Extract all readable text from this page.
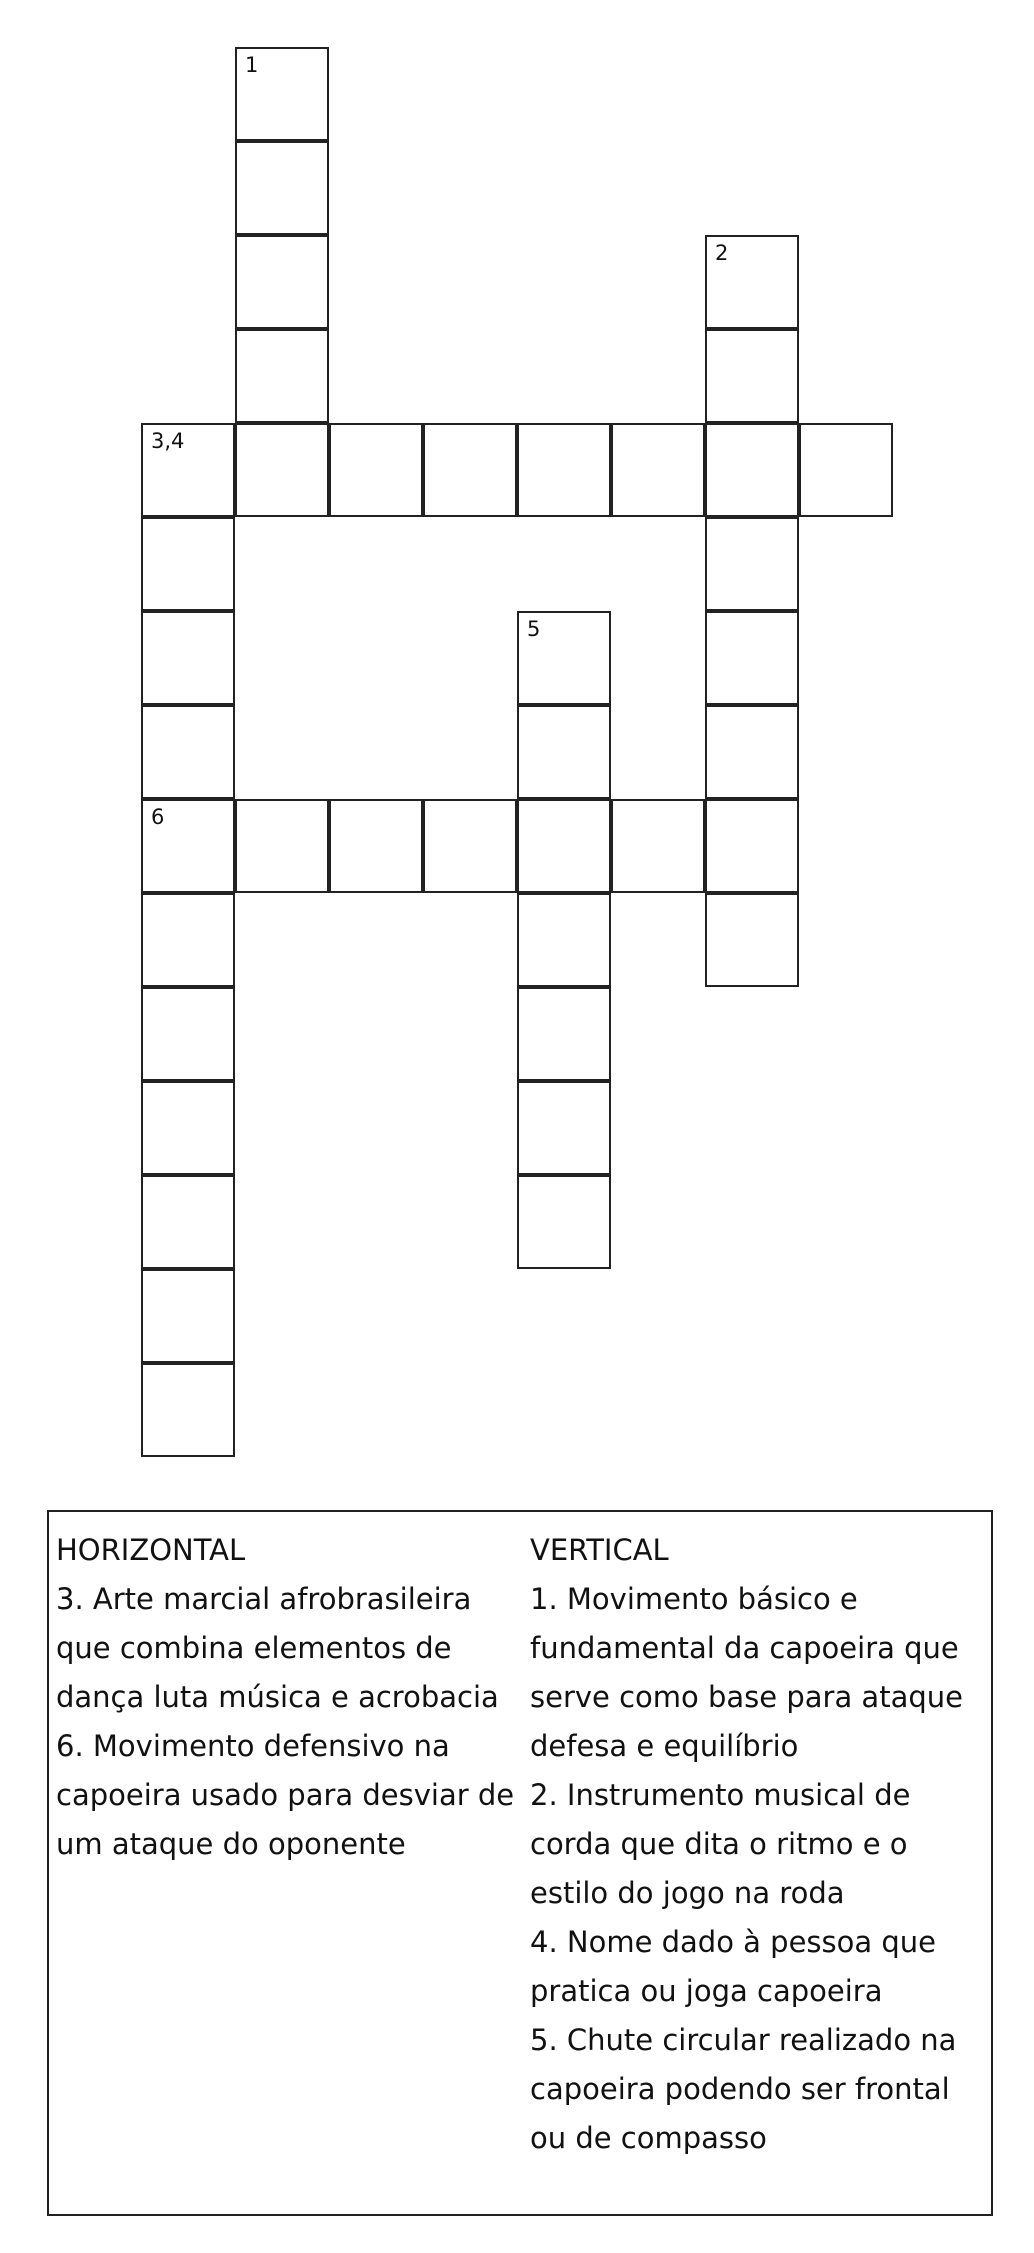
1
2
3,4
5
6

HORIZONTAL

3. Arte marcial afrobrasileira que combina elementos de dança luta música e acrobacia

6. Movimento defensivo na capoeira usado para desviar de um ataque do oponente

VERTICAL

1. Movimento básico e fundamental da capoeira que serve como base para ataque defesa e equilíbrio

2. Instrumento musical de corda que dita o ritmo e o estilo do jogo na roda

4. Nome dado à pessoa que pratica ou joga capoeira

5. Chute circular realizado na capoeira podendo ser frontal ou de compasso
